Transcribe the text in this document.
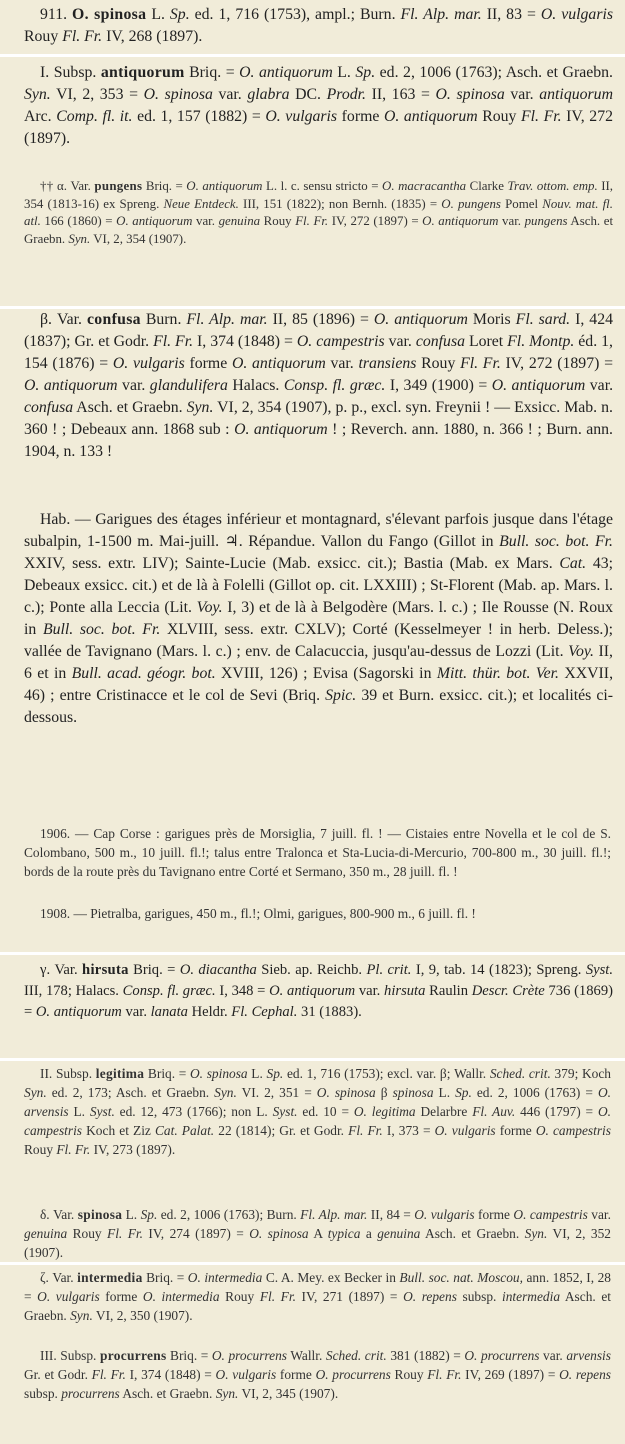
911. O. spinosa L. Sp. ed. 1, 716 (1753), ampl.; Burn. Fl. Alp. mar. II, 83 = O. vulgaris Rouy Fl. Fr. IV, 268 (1897).

I. Subsp. antiquorum Briq. = O. antiquorum L. Sp. ed. 2, 1006 (1763); Asch. et Graebn. Syn. VI, 2, 353 = O. spinosa var. glabra DC. Prodr. II, 163 = O. spinosa var. antiquorum Arc. Comp. fl. it. ed. 1, 157 (1882) = O. vulgaris forme O. antiquorum Rouy Fl. Fr. IV, 272 (1897).

†† α. Var. pungens Briq. = O. antiquorum L. l. c. sensu stricto = O. macracantha Clarke Trav. ottom. emp. II, 354 (1813-16) ex Spreng. Neue Entdeck. III, 151 (1822); non Bernh. (1835) = O. pungens Pomel Nouv. mat. fl. atl. 166 (1860) = O. antiquorum var. genuina Rouy Fl. Fr. IV, 272 (1897) = O. antiquorum var. pungens Asch. et Graebn. Syn. VI, 2, 354 (1907).

β. Var. confusa Burn. Fl. Alp. mar. II, 85 (1896) = O. antiquorum Moris Fl. sard. I, 424 (1837); Gr. et Godr. Fl. Fr. I, 374 (1848) = O. campestris var. confusa Loret Fl. Montp. éd. 1, 154 (1876) = O. vulgaris forme O. antiquorum var. transiens Rouy Fl. Fr. IV, 272 (1897) = O. antiquorum var. glandulifera Halacs. Consp. fl. græc. I, 349 (1900) = O. antiquorum var. confusa Asch. et Graebn. Syn. VI, 2, 354 (1907), p. p., excl. syn. Freynii ! — Exsicc. Mab. n. 360 ! ; Debeaux ann. 1868 sub : O. antiquorum ! ; Reverch. ann. 1880, n. 366 ! ; Burn. ann. 1904, n. 133 !

Hab. — Garigues des étages inférieur et montagnard, s'élevant parfois jusque dans l'étage subalpin, 1-1500 m. Mai-juill. ♃. Répandue. Vallon du Fango (Gillot in Bull. soc. bot. Fr. XXIV, sess. extr. LIV); Sainte-Lucie (Mab. exsicc. cit.); Bastia (Mab. ex Mars. Cat. 43; Debeaux exsicc. cit.) et de là à Folelli (Gillot op. cit. LXXIII) ; St-Florent (Mab. ap. Mars. l. c.); Ponte alla Leccia (Lit. Voy. I, 3) et de là à Belgodère (Mars. l. c.) ; Ile Rousse (N. Roux in Bull. soc. bot. Fr. XLVIII, sess. extr. CXLV); Corté (Kesselmeyer ! in herb. Deless.); vallée de Tavignano (Mars. l. c.) ; env. de Calacuccia, jusqu'au-dessus de Lozzi (Lit. Voy. II, 6 et in Bull. acad. géogr. bot. XVIII, 126) ; Evisa (Sagorski in Mitt. thür. bot. Ver. XXVII, 46) ; entre Cristinacce et le col de Sevi (Briq. Spic. 39 et Burn. exsicc. cit.); et localités ci-dessous.

1906. — Cap Corse : garigues près de Morsiglia, 7 juill. fl. ! — Cistaies entre Novella et le col de S. Colombano, 500 m., 10 juill. fl.!; talus entre Tralonca et Sta-Lucia-di-Mercurio, 700-800 m., 30 juill. fl.!; bords de la route près du Tavignano entre Corté et Sermano, 350 m., 28 juill. fl. !

1908. — Pietralba, garigues, 450 m., fl.!; Olmi, garigues, 800-900 m., 6 juill. fl. !

γ. Var. hirsuta Briq. = O. diacantha Sieb. ap. Reichb. Pl. crit. I, 9, tab. 14 (1823); Spreng. Syst. III, 178; Halacs. Consp. fl. græc. I, 348 = O. antiquorum var. hirsuta Raulin Descr. Crète 736 (1869) = O. antiquorum var. lanata Heldr. Fl. Cephal. 31 (1883).

II. Subsp. legitima Briq. = O. spinosa L. Sp. ed. 1, 716 (1753); excl. var. β; Wallr. Sched. crit. 379; Koch Syn. ed. 2, 173; Asch. et Graebn. Syn. VI. 2, 351 = O. spinosa β spinosa L. Sp. ed. 2, 1006 (1763) = O. arvensis L. Syst. ed. 12, 473 (1766); non L. Syst. ed. 10 = O. legitima Delarbre Fl. Auv. 446 (1797) = O. campestris Koch et Ziz Cat. Palat. 22 (1814); Gr. et Godr. Fl. Fr. I, 373 = O. vulgaris forme O. campestris Rouy Fl. Fr. IV, 273 (1897).

δ. Var. spinosa L. Sp. ed. 2, 1006 (1763); Burn. Fl. Alp. mar. II, 84 = O. vulgaris forme O. campestris var. genuina Rouy Fl. Fr. IV, 274 (1897) = O. spinosa A typica a genuina Asch. et Graebn. Syn. VI, 2, 352 (1907).

ζ. Var. intermedia Briq. = O. intermedia C. A. Mey. ex Becker in Bull. soc. nat. Moscou, ann. 1852, I, 28 = O. vulgaris forme O. intermedia Rouy Fl. Fr. IV, 271 (1897) = O. repens subsp. intermedia Asch. et Graebn. Syn. VI, 2, 350 (1907).

III. Subsp. procurrens Briq. = O. procurrens Wallr. Sched. crit. 381 (1882) = O. procurrens var. arvensis Gr. et Godr. Fl. Fr. I, 374 (1848) = O. vulgaris forme O. procurrens Rouy Fl. Fr. IV, 269 (1897) = O. repens subsp. procurrens Asch. et Graebn. Syn. VI, 2, 345 (1907).
